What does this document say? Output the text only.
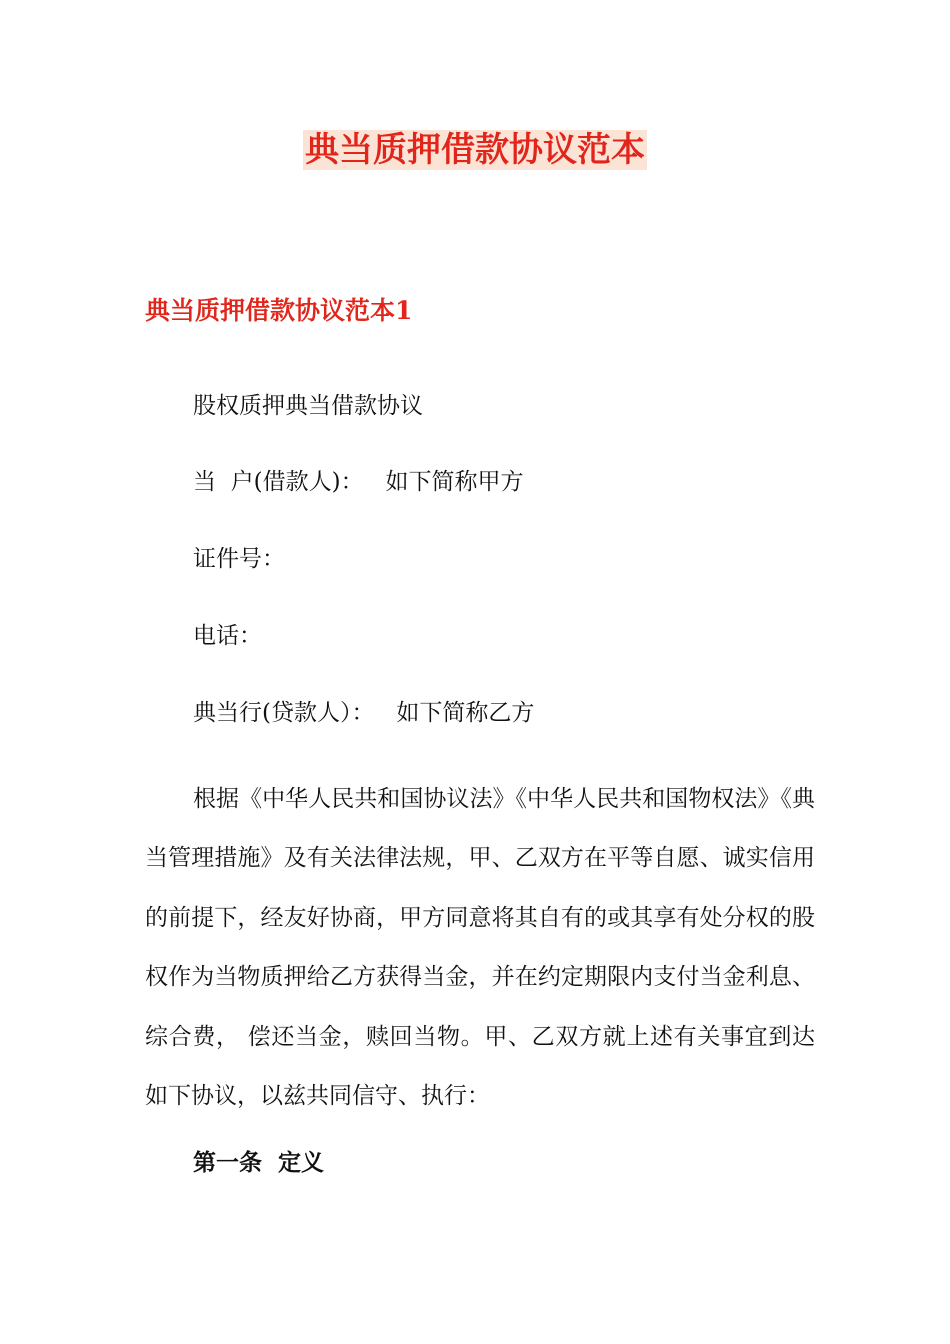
典当质押借款协议范本
典当质押借款协议范本1

股权质押典当借款协议

当  户(借款人)：   如下简称甲方

证件号：

电话：

典当行(贷款人）：   如下简称乙方

根据《中华人民共和国协议法》《中华人民共和国物权法》《典当管理措施》及有关法律法规，甲、乙双方在平等自愿、诚实信用的前提下，经友好协商，甲方同意将其自有的或其享有处分权的股权作为当物质押给乙方获得当金，并在约定期限内支付当金利息、 综合费， 偿还当金，赎回当物。甲、乙双方就上述有关事宜到达如下协议，以兹共同信守、执行：

第一条  定义
